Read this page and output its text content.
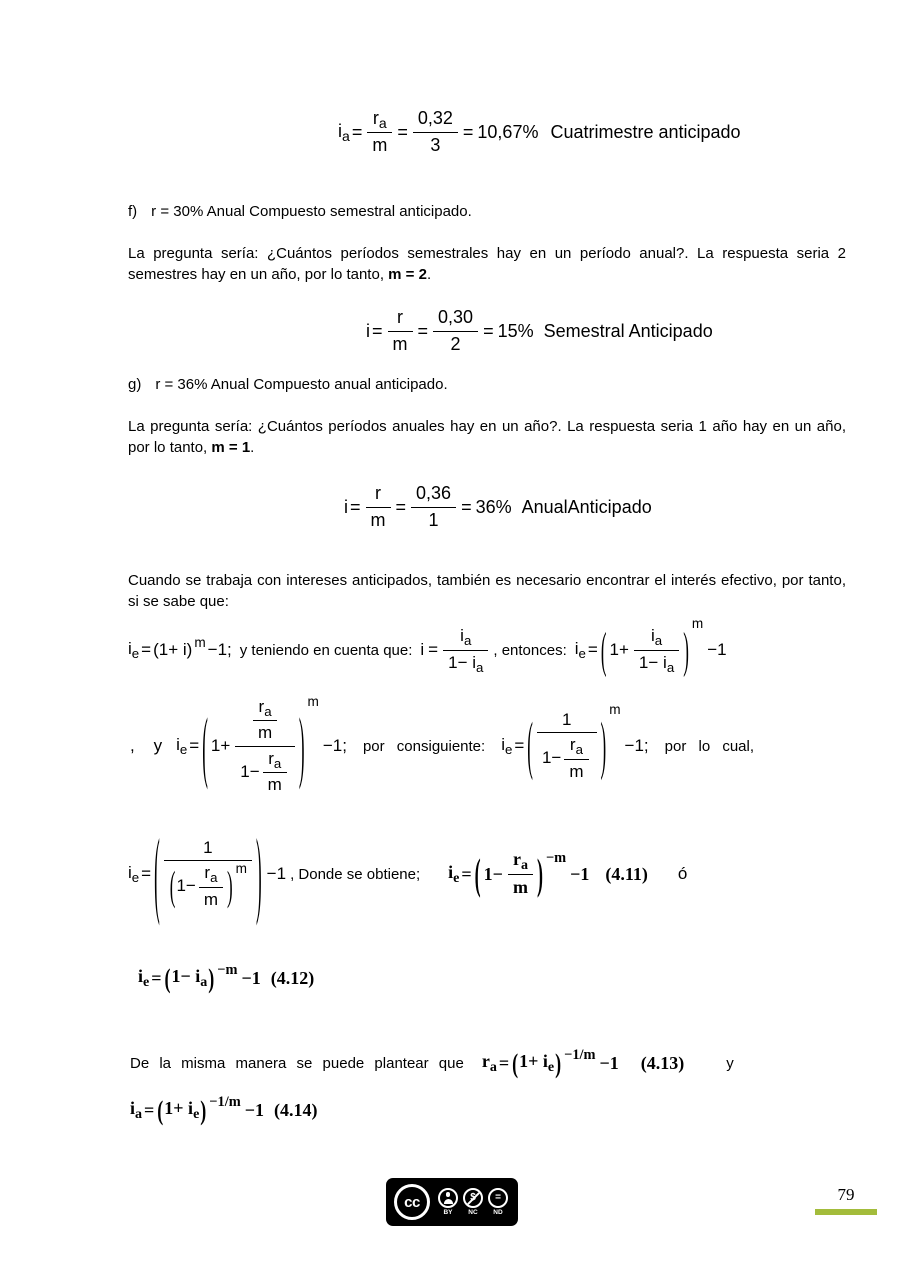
$i_a = \frac{r_a}{m} = \frac{0,32}{3} = 10,67\%$ Cuatrimestre anticipado
f) r = 30% Anual Compuesto semestral anticipado.

La pregunta sería: ¿Cuántos períodos semestrales hay en un período anual?. La respuesta seria 2 semestres hay en un año, por lo tanto, m = 2.

$i = \frac{r}{m} = \frac{0,30}{2} = 15\%$ Semestral Anticipado
g) r = 36% Anual Compuesto anual anticipado.

La pregunta sería: ¿Cuántos períodos anuales hay en un año?. La respuesta seria 1 año hay en un año, por lo tanto, m = 1.

$i = \frac{r}{m} = \frac{0,36}{1} = 36\%$ AnualAnticipado

Cuando se trabaja con intereses anticipados, también es necesario encontrar el interés efectivo, por tanto, si se sabe que:

$i_e = (1+ i)$ $^m$ −1; y teniendo en cuenta que: $i = \frac{i_a}{1- i_a}$ , entonces: $i_e$ = ( $1+ \frac{i_a}{1- i_a}$ ) m
−1
,    y $i_e$ = ( $1+ \frac{\frac{r_a}{m}}{1- \frac{r_a}{m}}$ ) m
−1; por consiguiente: $i_e$ = ( $\frac{1}{1- \frac{r_a}{m}}$ )
m
−1; por lo cual,
$i_e$ = (	1
( $1- \frac{r_a}{m}$ ) m ) −1 , Donde se obtiene; $i_e$ = ( $1- \frac{r_a}{m}$ ) −m
−1 (4.11) ó
$i_e$ = ( $1- i_a$ ) −m −1 (4.12)
De la misma manera se puede plantear que $r_a$ = ( $1+ i_e$ ) −1/m −1 (4.13)	y
$i_a$ = ( $1+ i_e$ ) −1/m −1 (4.14)
cc	=
BY	NC	ND
79
